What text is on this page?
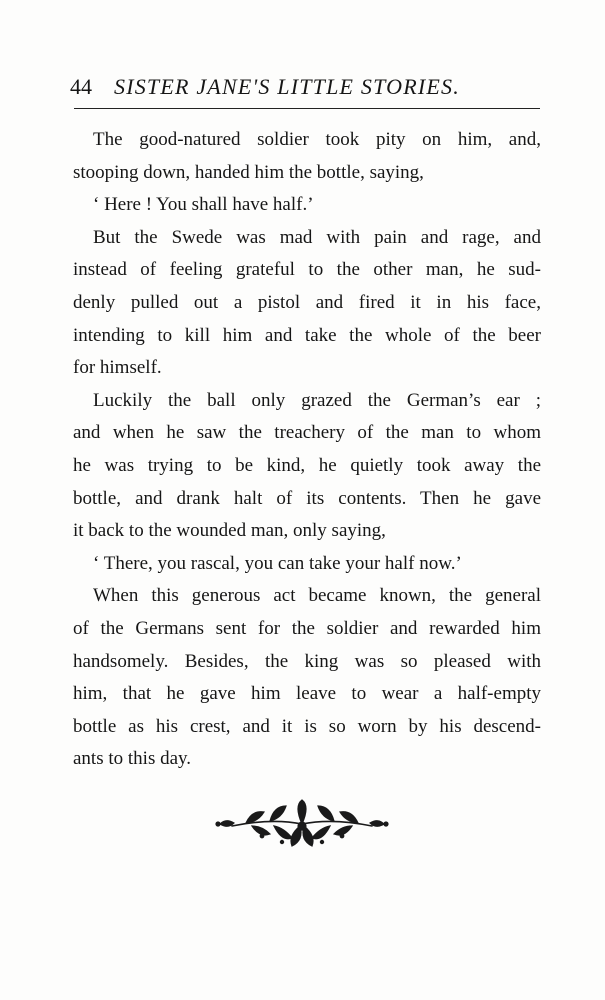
44 SISTER JANE'S LITTLE STORIES.
The good-natured soldier took pity on him, and,
stooping down, handed him the bottle, saying,
‘ Here ! You shall have half.’
But the Swede was mad with pain and rage, and
instead of feeling grateful to the other man, he sud-
denly pulled out a pistol and fired it in his face,
intending to kill him and take the whole of the beer
for himself.
Luckily the ball only grazed the German’s ear ;
and when he saw the treachery of the man to whom
he was trying to be kind, he quietly took away the
bottle, and drank halt of its contents. Then he gave
it back to the wounded man, only saying,
‘ There, you rascal, you can take your half now.’
When this generous act became known, the general
of the Germans sent for the soldier and rewarded him
handsomely. Besides, the king was so pleased with
him, that he gave him leave to wear a half-empty
bottle as his crest, and it is so worn by his descend-
ants to this day.
